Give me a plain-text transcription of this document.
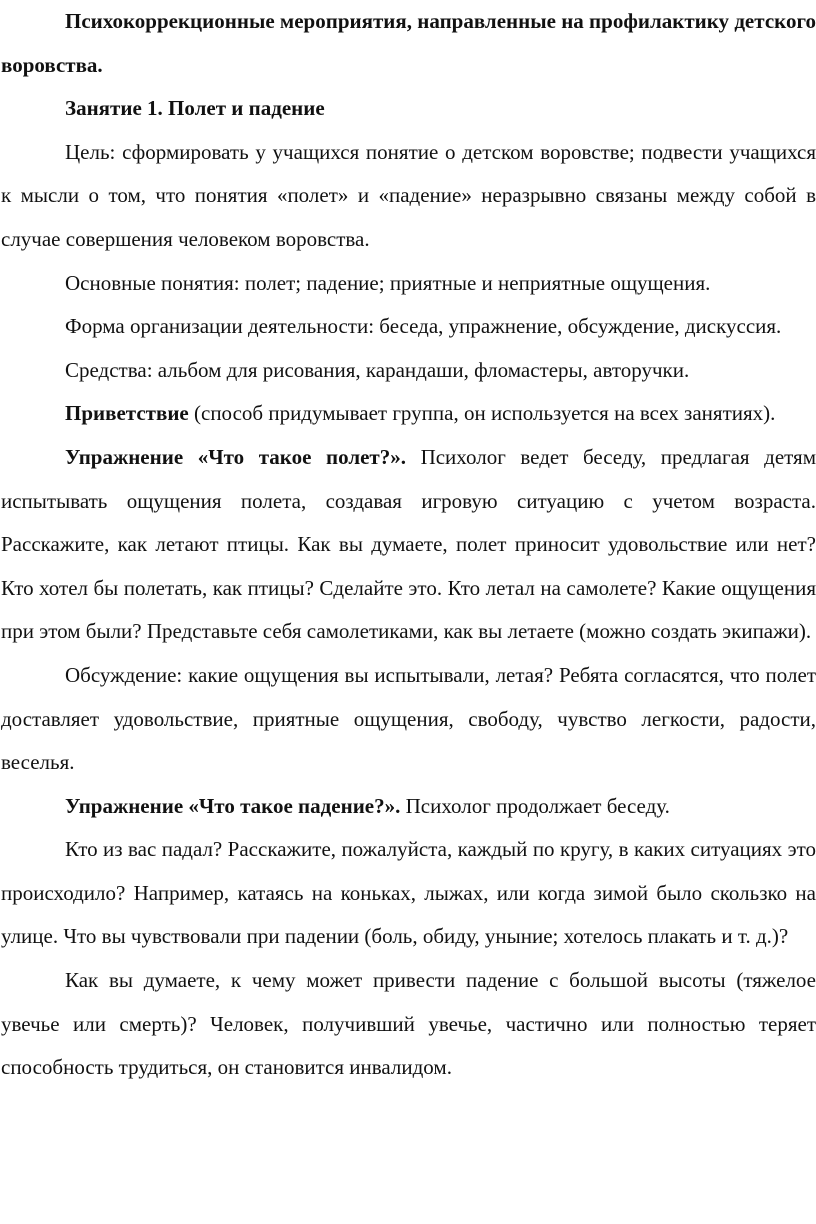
Психокоррекционные мероприятия, направленные на профилактику детского воровства.

Занятие 1. Полет и падение

Цель: сформировать у учащихся понятие о детском воровстве; подвести учащихся к мысли о том, что понятия «полет» и «падение» неразрывно связаны между собой в случае совершения человеком воровства.

Основные понятия: полет; падение; приятные и неприятные ощущения.

Форма организации деятельности: беседа, упражнение, обсуждение, дискуссия.

Средства: альбом для рисования, карандаши, фломастеры, авторучки.

Приветствие (способ придумывает группа, он используется на всех занятиях).

Упражнение «Что такое полет?». Психолог ведет беседу, предлагая детям испытывать ощущения полета, создавая игровую ситуацию с учетом возраста. Расскажите, как летают птицы. Как вы думаете, полет приносит удовольствие или нет? Кто хотел бы полетать, как птицы? Сделайте это. Кто летал на самолете? Какие ощущения при этом были? Представьте себя самолетиками, как вы летаете (можно создать экипажи).

Обсуждение: какие ощущения вы испытывали, летая? Ребята согласятся, что полет доставляет удовольствие, приятные ощущения, свободу, чувство легкости, радости, веселья.

Упражнение «Что такое падение?». Психолог продолжает беседу.

Кто из вас падал? Расскажите, пожалуйста, каждый по кругу, в каких ситуациях это происходило? Например, катаясь на коньках, лыжах, или когда зимой было скользко на улице. Что вы чувствовали при падении (боль, обиду, уныние; хотелось плакать и т. д.)?

Как вы думаете, к чему может привести падение с большой высоты (тяжелое увечье или смерть)? Человек, получивший увечье, частично или полностью теряет способность трудиться, он становится инвалидом.
